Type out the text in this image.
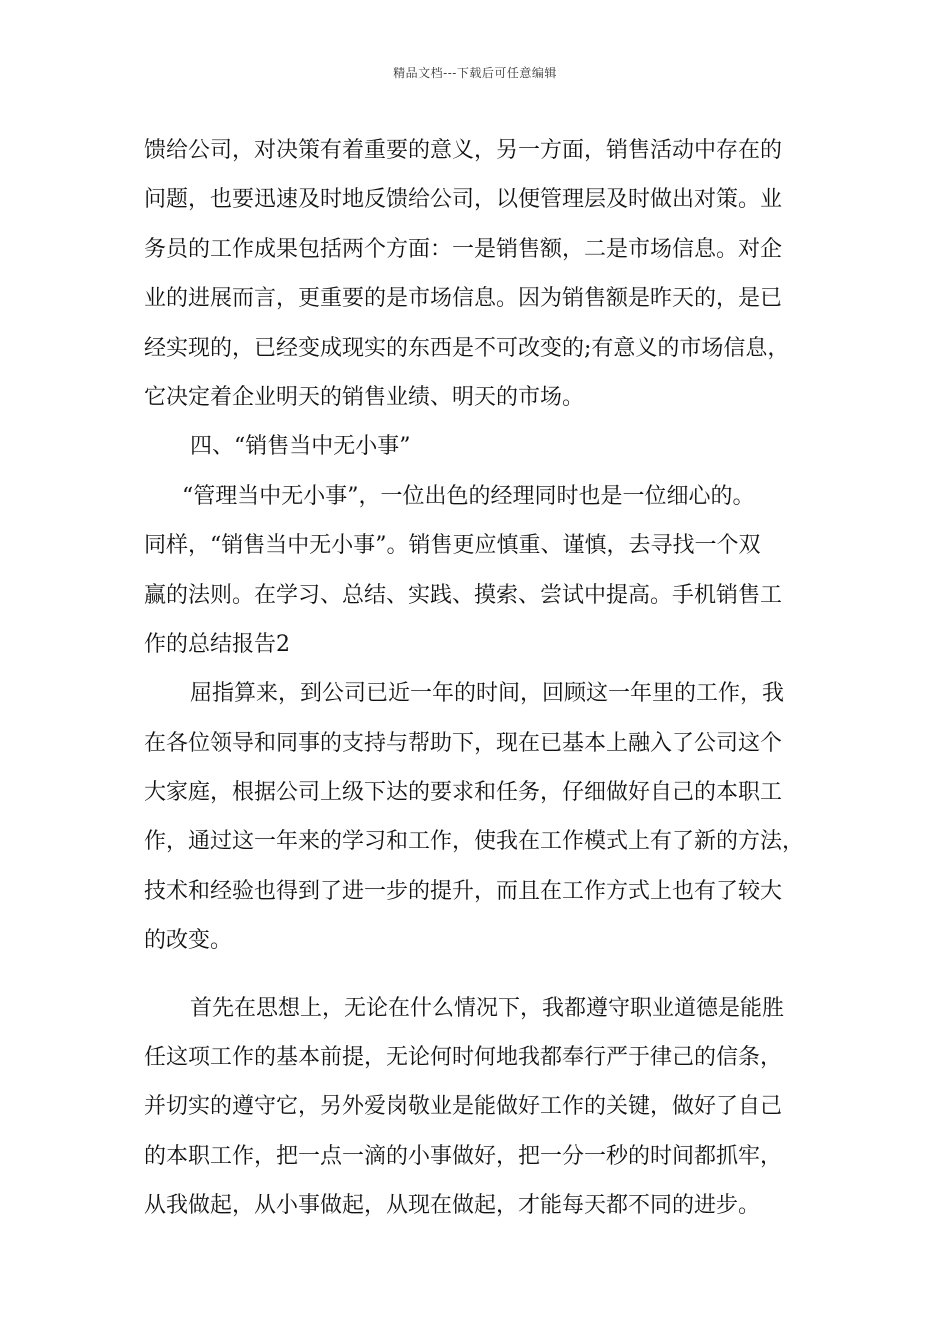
精品文档---下载后可任意编辑
馈给公司，对决策有着重要的意义，另一方面，销售活动中存在的
问题，也要迅速及时地反馈给公司，以便管理层及时做出对策。业
务员的工作成果包括两个方面：一是销售额，二是市场信息。对企
业的进展而言，更重要的是市场信息。因为销售额是昨天的，是已
经实现的，已经变成现实的东西是不可改变的;有意义的市场信息，
它决定着企业明天的销售业绩、明天的市场。
四、“销售当中无小事”
“管理当中无小事”，一位出色的经理同时也是一位细心的。
同样，“销售当中无小事”。销售更应慎重、谨慎，去寻找一个双
赢的法则。在学习、总结、实践、摸索、尝试中提高。手机销售工
作的总结报告2
屈指算来，到公司已近一年的时间，回顾这一年里的工作，我
在各位领导和同事的支持与帮助下，现在已基本上融入了公司这个
大家庭，根据公司上级下达的要求和任务，仔细做好自己的本职工
作，通过这一年来的学习和工作，使我在工作模式上有了新的方法，
技术和经验也得到了进一步的提升，而且在工作方式上也有了较大
的改变。
首先在思想上，无论在什么情况下，我都遵守职业道德是能胜
任这项工作的基本前提，无论何时何地我都奉行严于律己的信条，
并切实的遵守它，另外爱岗敬业是能做好工作的关键，做好了自己
的本职工作，把一点一滴的小事做好，把一分一秒的时间都抓牢，
从我做起，从小事做起，从现在做起，才能每天都不同的进步。
